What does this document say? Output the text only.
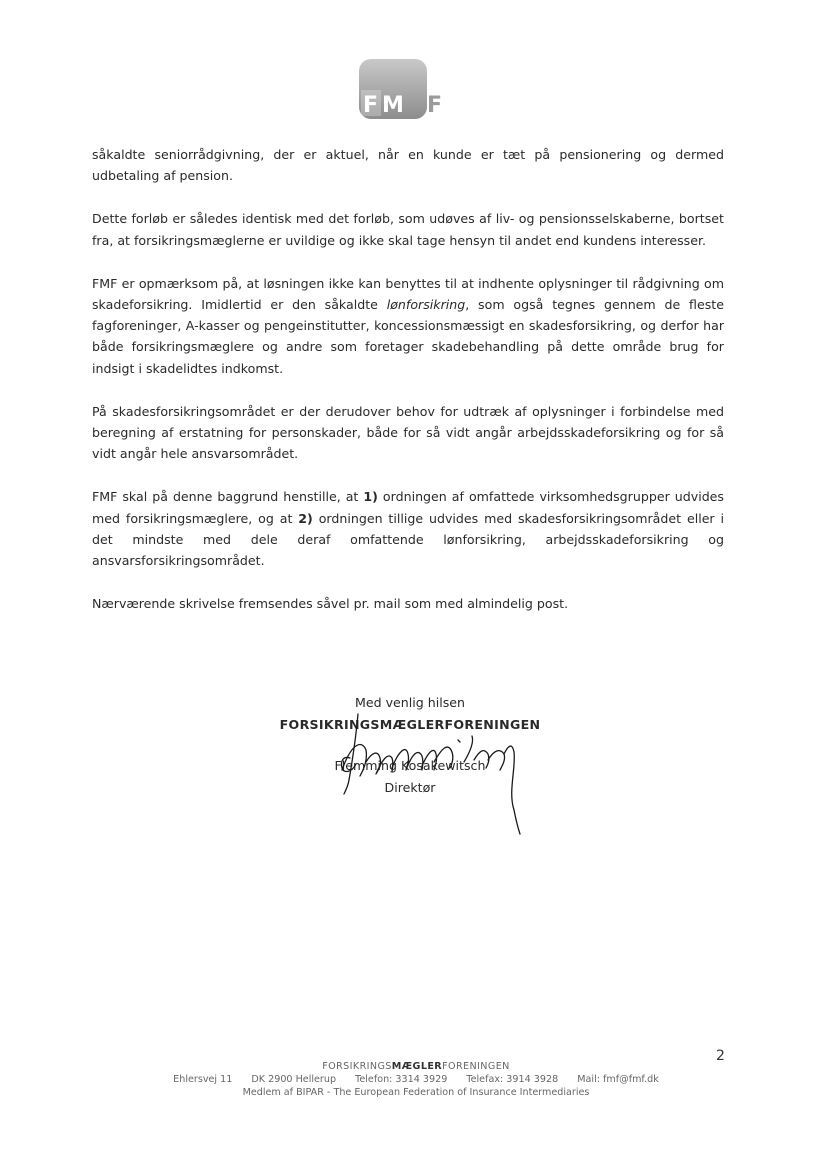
F M F

såkaldte seniorrådgivning, der er aktuel, når en kunde er tæt på pensionering og dermed udbetaling af pension.

Dette forløb er således identisk med det forløb, som udøves af liv- og pensionsselskaberne, bortset fra, at forsikringsmæglerne er uvildige og ikke skal tage hensyn til andet end kundens interesser.

FMF er opmærksom på, at løsningen ikke kan benyttes til at indhente oplysninger til rådgivning om skadeforsikring. Imidlertid er den såkaldte lønforsikring, som også tegnes gennem de fleste fagforeninger, A-kasser og pengeinstitutter, koncessionsmæssigt en skadesforsikring, og derfor har både forsikringsmæglere og andre som foretager skadebehandling på dette område brug for indsigt i skadelidtes indkomst.

På skadesforsikringsområdet er der derudover behov for udtræk af oplysninger i forbindelse med beregning af erstatning for personskader, både for så vidt angår arbejdsskadeforsikring og for så vidt angår hele ansvarsområdet.

FMF skal på denne baggrund henstille, at 1) ordningen af omfattede virksomhedsgrupper udvides med forsikringsmæglere, og at 2) ordningen tillige udvides med skadesforsikringsområdet eller i det mindste med dele deraf omfattende lønforsikring, arbejdsskadeforsikring og ansvarsforsikringsområdet.

Nærværende skrivelse fremsendes såvel pr. mail som med almindelig post.

Med venlig hilsen
FORSIKRINGSMÆGLERFORENINGEN
Flemming Kosakewitsch
Direktør
2
FORSIKRINGSMÆGLERFORENINGEN
Ehlersvej 11 DK 2900 Hellerup Telefon: 3314 3929 Telefax: 3914 3928 Mail: fmf@fmf.dk
Medlem af BIPAR - The European Federation of Insurance Intermediaries
